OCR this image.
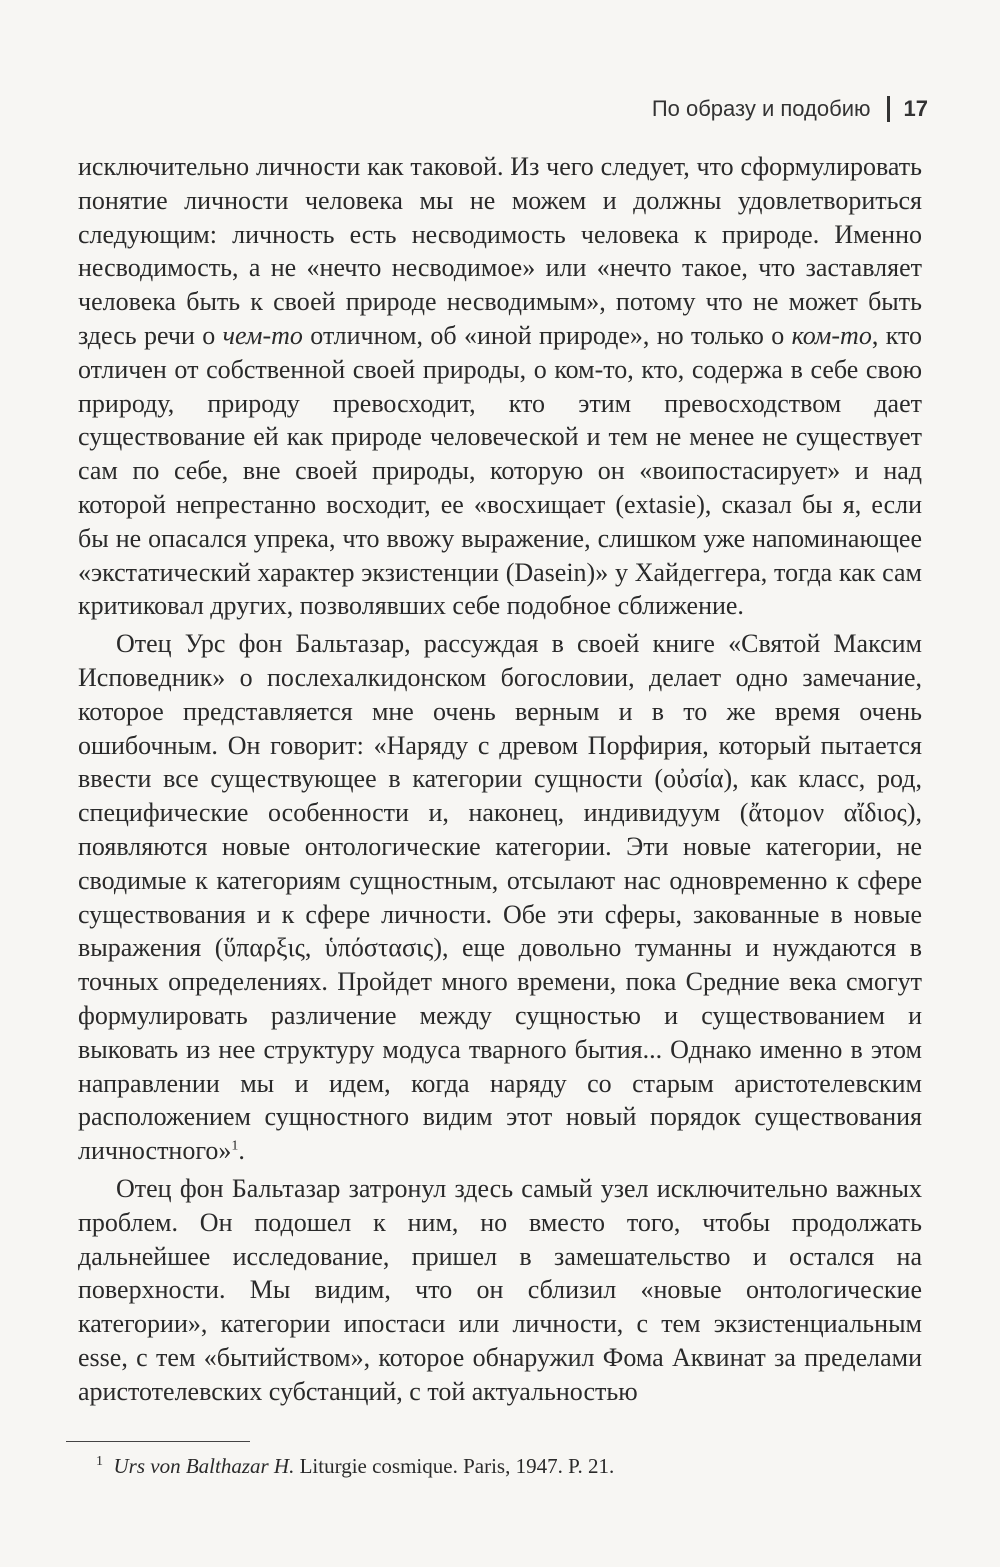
По образу и подобию 17

исключительно личности как таковой. Из чего следует, что сформулировать понятие личности человека мы не можем и должны удовлетвориться следующим: личность есть несводимость человека к природе. Именно несводимость, а не «нечто несводимое» или «нечто такое, что заставляет человека быть к своей природе несводимым», потому что не может быть здесь речи о чем-то отличном, об «иной природе», но только о ком-то, кто отличен от собственной своей природы, о ком-то, кто, содержа в себе свою природу, природу превосходит, кто этим превосходством дает существование ей как природе человеческой и тем не менее не существует сам по себе, вне своей природы, которую он «воипостасирует» и над которой непрестанно восходит, ее «восхищает (extasie), сказал бы я, если бы не опасался упрека, что ввожу выражение, слишком уже напоминающее «экстатический характер экзистенции (Dasein)» у Хайдеггера, тогда как сам критиковал других, позволявших себе подобное сближение.

Отец Урс фон Бальтазар, рассуждая в своей книге «Святой Максим Исповедник» о послехалкидонском богословии, делает одно замечание, которое представляется мне очень верным и в то же время очень ошибочным. Он говорит: «Наряду с древом Порфирия, который пытается ввести все существующее в категории сущности (οὐσία), как класс, род, специфические особенности и, наконец, индивидуум (ἄτομον αἴδιος), появляются новые онтологические категории. Эти новые категории, не сводимые к категориям сущностным, отсылают нас одновременно к сфере существования и к сфере личности. Обе эти сферы, закованные в новые выражения (ὕπαρξις, ὑπόστασις), еще довольно туманны и нуждаются в точных определениях. Пройдет много времени, пока Средние века смогут формулировать различение между сущностью и существованием и выковать из нее структуру модуса тварного бытия... Однако именно в этом направлении мы и идем, когда наряду со старым аристотелевским расположением сущностного видим этот новый порядок существования личностного»$^1$.

Отец фон Бальтазар затронул здесь самый узел исключительно важных проблем. Он подошел к ним, но вместо того, чтобы продолжать дальнейшее исследование, пришел в замешательство и остался на поверхности. Мы видим, что он сблизил «новые онтологические категории», категории ипостаси или личности, с тем экзистенциальным esse, с тем «бытийством», которое обнаружил Фома Аквинат за пределами аристотелевских субстанций, с той актуальностью

$^1$ Urs von Balthazar H. Liturgie cosmique. Paris, 1947. P. 21.
